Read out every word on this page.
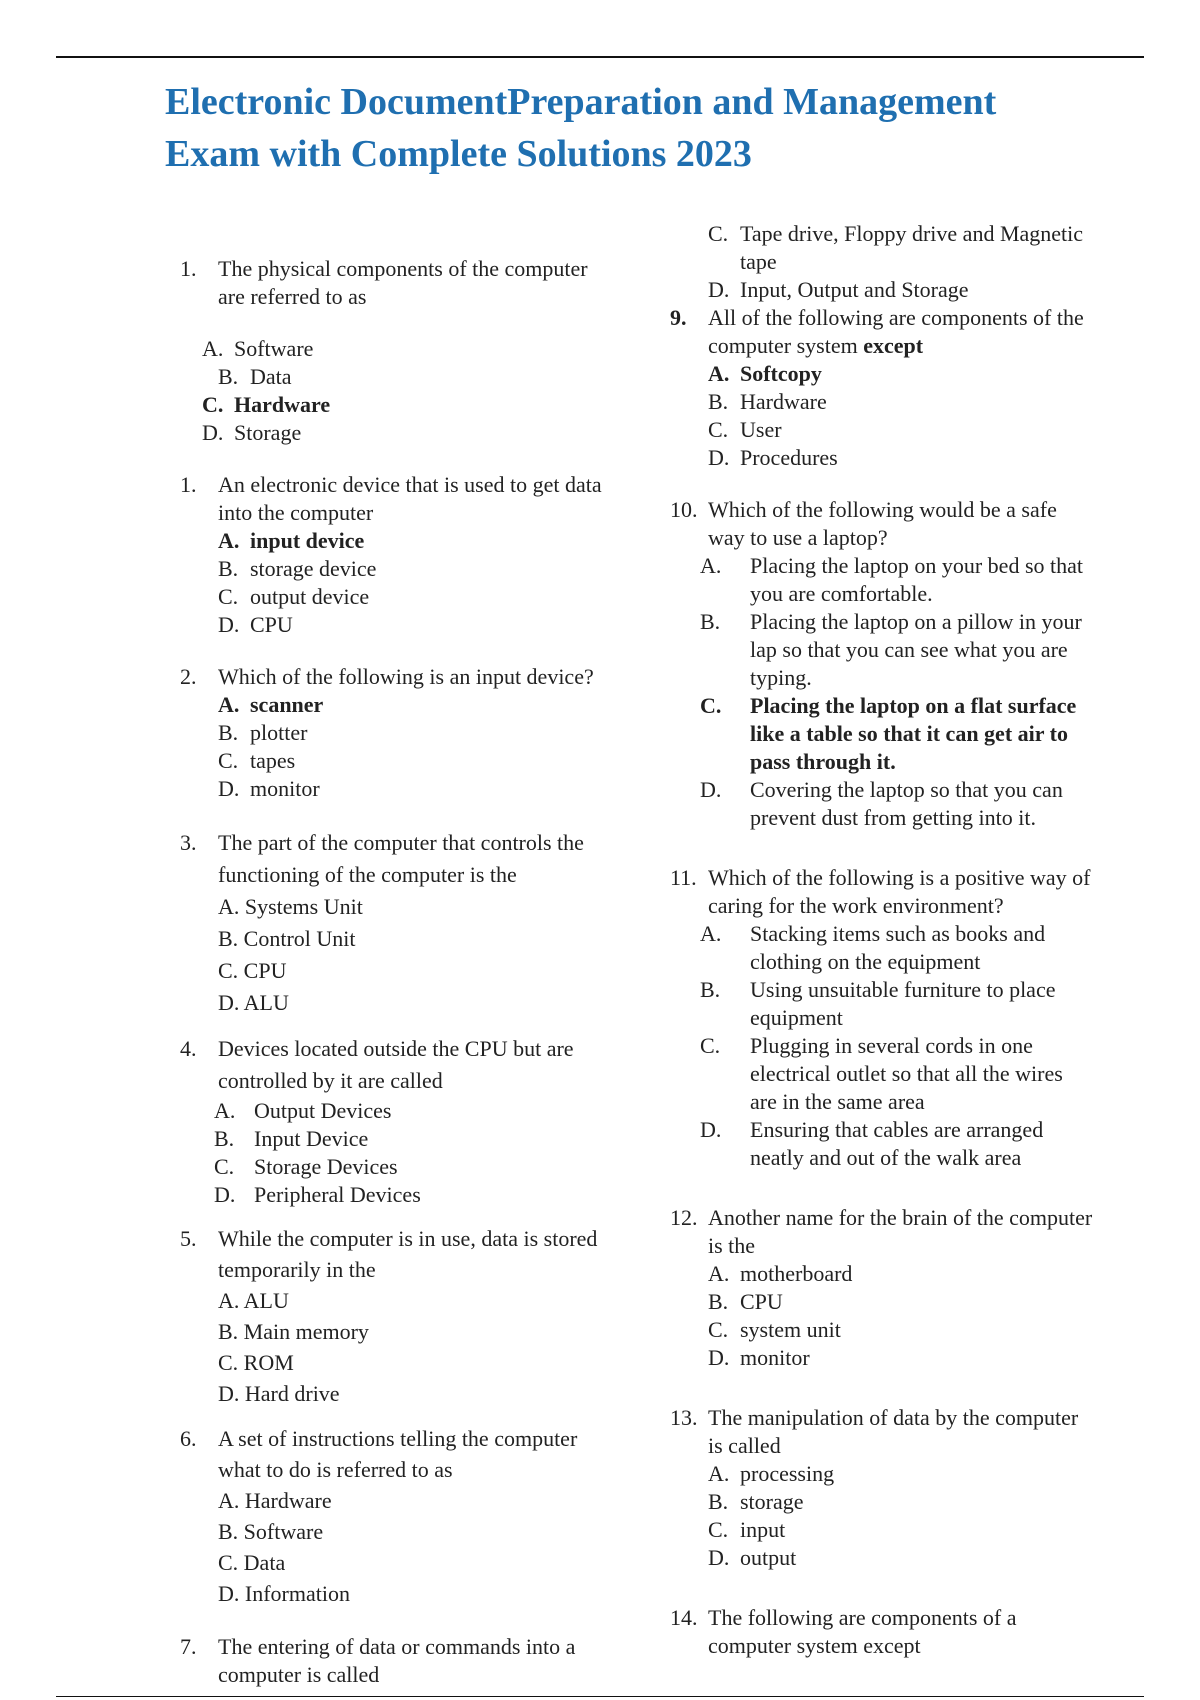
Electronic DocumentPreparation and Management
Exam with Complete Solutions 2023
1. The physical components of the computer are referred to as
A. Software
B. Data
C. Hardware
D. Storage
1. An electronic device that is used to get data into the computer
A. input device
B. storage device
C. output device
D. CPU
2. Which of the following is an input device?
A. scanner
B. plotter
C. tapes
D. monitor
3. The part of the computer that controls the functioning of the computer is the
A. Systems Unit
B. Control Unit
C. CPU
D. ALU
4. Devices located outside the CPU but are controlled by it are called
A. Output Devices
B. Input Device
C. Storage Devices
D. Peripheral Devices
5. While the computer is in use, data is stored temporarily in the
A. ALU
B. Main memory
C. ROM
D. Hard drive
6. A set of instructions telling the computer what to do is referred to as
A. Hardware
B. Software
C. Data
D. Information
7. The entering of data or commands into a computer is called
C. Tape drive, Floppy drive and Magnetic tape
D. Input, Output and Storage
9. All of the following are components of the computer system except
A. Softcopy
B. Hardware
C. User
D. Procedures
10. Which of the following would be a safe way to use a laptop?
A. Placing the laptop on your bed so that you are comfortable.
B. Placing the laptop on a pillow in your lap so that you can see what you are typing.
C. Placing the laptop on a flat surface like a table so that it can get air to pass through it.
D. Covering the laptop so that you can prevent dust from getting into it.
11. Which of the following is a positive way of caring for the work environment?
A. Stacking items such as books and clothing on the equipment
B. Using unsuitable furniture to place equipment
C. Plugging in several cords in one electrical outlet so that all the wires are in the same area
D. Ensuring that cables are arranged neatly and out of the walk area
12. Another name for the brain of the computer is the
A. motherboard
B. CPU
C. system unit
D. monitor
13. The manipulation of data by the computer is called
A. processing
B. storage
C. input
D. output
14. The following are components of a computer system except
